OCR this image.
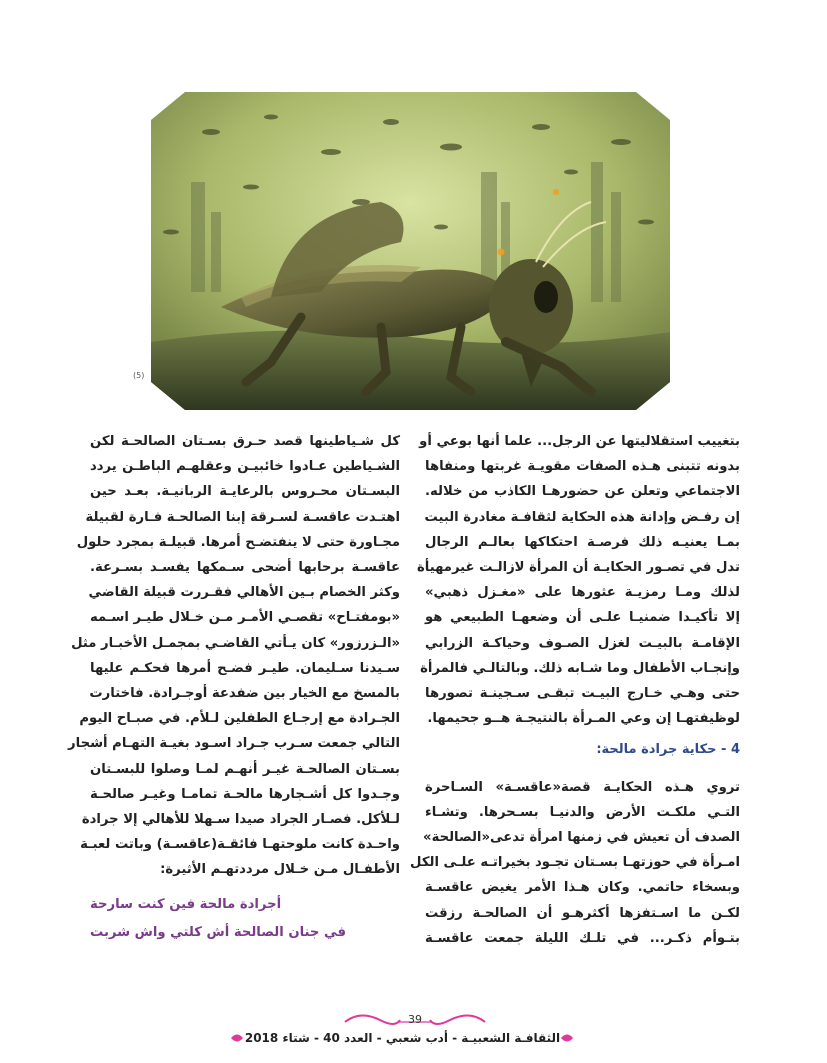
(5)

بتغييب استقلاليتها عن الرجل... علما أنها بوعي أو
بدونه تتبنى هـذه الصفات مقويـة غربتها ومنفاها
الاجتماعي وتعلن عن حضورهـا الكاذب من خلاله.
إن رفـض وإدانة هذه الحكاية لثقافـة مغادرة البيت
بمـا يعنيـه ذلك فرصـة احتكاكها بعالـم الرجال
تدل في تصـور الحكايـة أن المرأة لازالـت غيرمهيأة
لذلك ومـا رمزيـة عثورها على «مغـزل ذهبي»
إلا تأكيـدا ضمنيـا علـى أن وضعهـا الطبيعي هو
الإقامـة بالبيـت لغزل الصـوف وحياكـة الزرابي
وإنجـاب الأطفال وما شـابه ذلك. وبالتالـي فالمرأة
حتى وهـي خـارج البيـت تبقـى سـجينـة تصورها
لوظيفتهـا إن وعي المـرأة بالنتيجـة هــو جحيمها.

4 - حكاية جرادة مالحة:

تروي هـذه الحكايـة قصة«عاقسـة» السـاحرة
التـي ملكـت الأرض والدنيـا بسـحرها. وتشـاء
الصدف أن تعيش في زمنها امرأة تدعى«الصالحة»
امـرأة في حوزتهـا بسـتان تجـود بخيراتـه علـى الكل
وبسخاء حاتمي. وكان هـذا الأمر يغيض عاقسـة
لكـن ما اسـتفزها أكثرهـو أن الصالحـة رزقت
بتـوأم ذكـر... في تلـك الليلة جمعت عاقسـة

كل شـياطينها قصد حـرق بسـتان الصالحـة لكن
الشـياطين عـادوا خائبيـن وعقلهـم الباطـن يردد
البسـتان محـروس بالرعايـة الربانيـة. بعـد حين
اهتـدت عاقسـة لسـرقة إبنا الصالحـة فـارة لقبيلة
مجـاورة حتى لا ينفتضـح أمرها. قبيلـة بمجرد حلول
عاقسـة برحابها أضحى سـمكها يفسـد بسـرعة.
وكثر الخصام بـين الأهالي فقـررت قبيلة القاضي
«بومفتـاح» تقصـي الأمـر مـن خـلال طيـر اسـمه
«الـزرزور» كان يـأتي القاضـي بمجمـل الأخبـار مثل
سـيدنا سـليمان. طيـر فضـح أمرها فحكـم عليها
بالمسخ مع الخيار بين ضفدعة أوجـرادة. فاختارت
الجـرادة مع إرجـاع الطفلين لـلأم. في صبـاح اليوم
التالي جمعت سـرب جـراد اسـود بغيـة التهـام أشجار
بسـتان الصالحـة غيـر أنهـم لمـا وصلوا للبسـتان
وجـدوا كل أشـجارها مالحـة تمامـا وغيـر صالحـة
لـلأكل. فصـار الجراد صيدا سـهلا للأهالي إلا جرادة
واحـدة كانت ملوحتهـا فائقـة(عاقسـة) وباتت لعبـة
الأطفـال مـن خـلال مرددتهـم الأثيرة:

أجرادة مالحة فين كنت سارحة
في جنان الصالحة أش كلتي واش شربت
39
الثقافـة الشعبيـة - أدب شعبي - العدد 40 - شتاء 2018
